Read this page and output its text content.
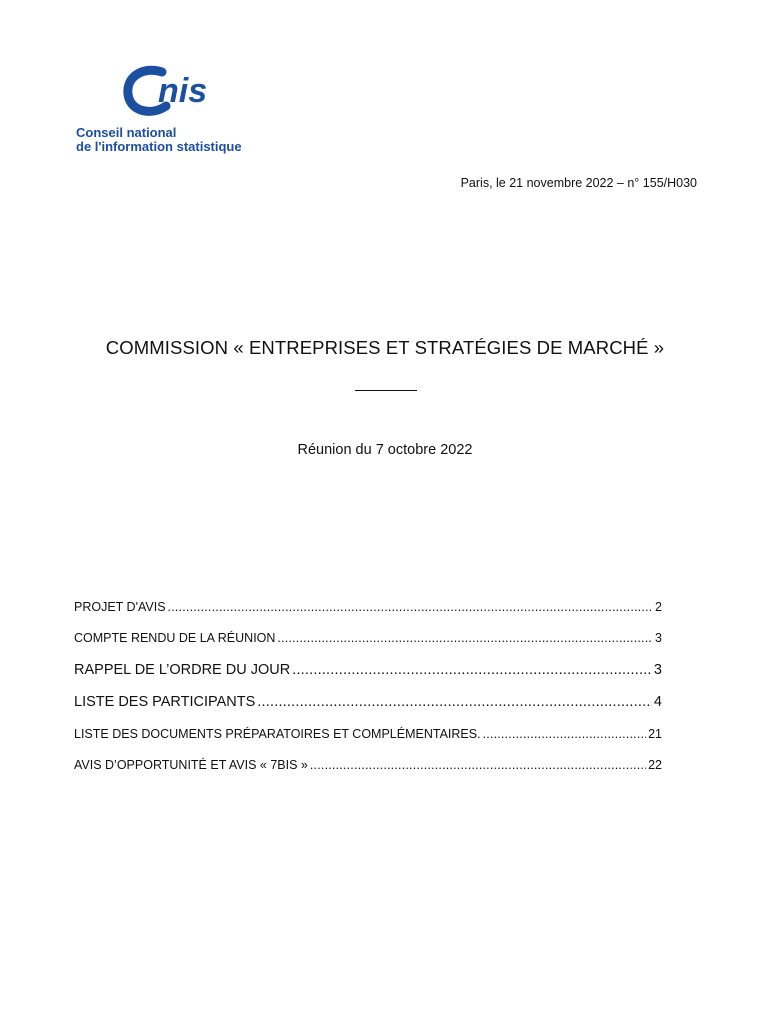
nis
Conseil national
de l'information statistique
Paris, le 21 novembre 2022 – n° 155/H030
COMMISSION « ENTREPRISES ET STRATÉGIES DE MARCHÉ »
Réunion du 7 octobre 2022
PROJET D'AVIS .....	2
COMPTE RENDU DE LA RÉUNION .....	3
RAPPEL DE L’ORDRE DU JOUR .....	3
LISTE DES PARTICIPANTS .....	4
LISTE DES DOCUMENTS PRÉPARATOIRES ET COMPLÉMENTAIRES. .....	21
AVIS D’OPPORTUNITÉ ET AVIS « 7BIS » .....	22
